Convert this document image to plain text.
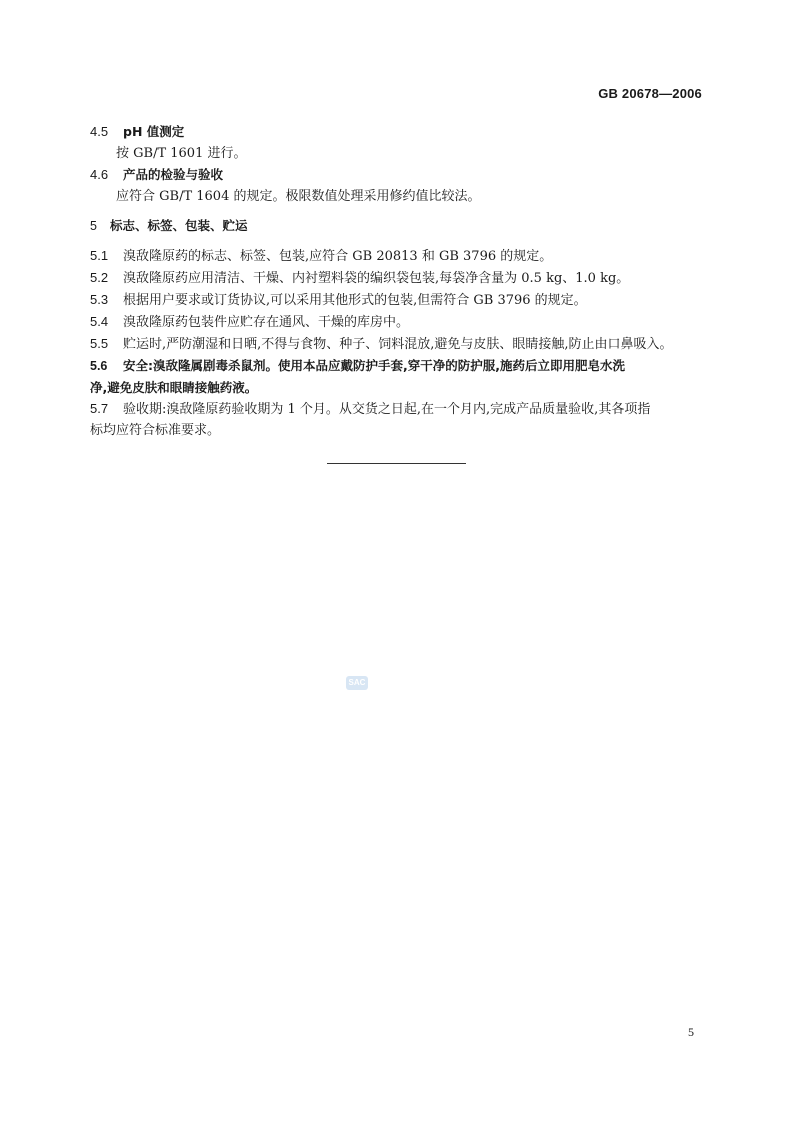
GB 20678—2006
4.5 pH 值测定
按 GB/T 1601 进行。
4.6 产品的检验与验收
应符合 GB/T 1604 的规定。极限数值处理采用修约值比较法。
5 标志、标签、包装、贮运
5.1 溴敌隆原药的标志、标签、包装,应符合 GB 20813 和 GB 3796 的规定。
5.2 溴敌隆原药应用清洁、干燥、内衬塑料袋的编织袋包装,每袋净含量为 0.5 kg、1.0 kg。
5.3 根据用户要求或订货协议,可以采用其他形式的包装,但需符合 GB 3796 的规定。
5.4 溴敌隆原药包装件应贮存在通风、干燥的库房中。
5.5 贮运时,严防潮湿和日晒,不得与食物、种子、饲料混放,避免与皮肤、眼睛接触,防止由口鼻吸入。
5.6 安全:溴敌隆属剧毒杀鼠剂。使用本品应戴防护手套,穿干净的防护服,施药后立即用肥皂水洗
净,避免皮肤和眼睛接触药液。
5.7 验收期:溴敌隆原药验收期为 1 个月。从交货之日起,在一个月内,完成产品质量验收,其各项指
标均应符合标准要求。
SAC
5
